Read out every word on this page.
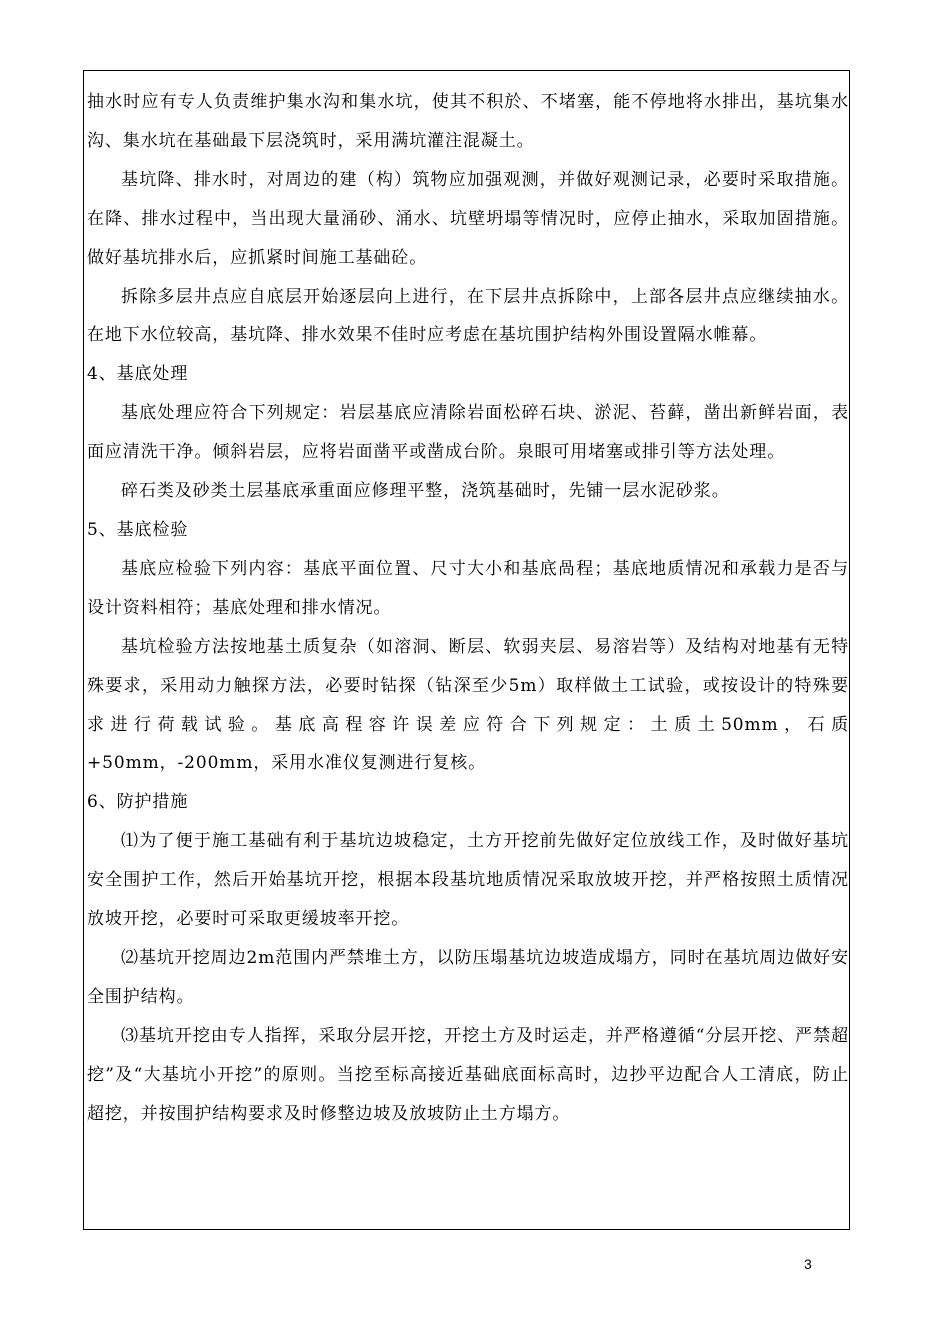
抽水时应有专人负责维护集水沟和集水坑，使其不积於、不堵塞，能不停地将水排出，基坑集水沟、集水坑在基础最下层浇筑时，采用满坑灌注混凝土。

基坑降、排水时，对周边的建（构）筑物应加强观测，并做好观测记录，必要时采取措施。在降、排水过程中，当出现大量涌砂、涌水、坑壁坍塌等情况时，应停止抽水，采取加固措施。做好基坑排水后，应抓紧时间施工基础砼。

拆除多层井点应自底层开始逐层向上进行，在下层井点拆除中，上部各层井点应继续抽水。在地下水位较高，基坑降、排水效果不佳时应考虑在基坑围护结构外围设置隔水帷幕。

4、基底处理

基底处理应符合下列规定：岩层基底应清除岩面松碎石块、淤泥、苔藓，凿出新鲜岩面，表面应清洗干净。倾斜岩层，应将岩面凿平或凿成台阶。泉眼可用堵塞或排引等方法处理。

碎石类及砂类土层基底承重面应修理平整，浇筑基础时，先铺一层水泥砂浆。

5、基底检验

基底应检验下列内容：基底平面位置、尺寸大小和基底咼程；基底地质情况和承载力是否与设计资料相符；基底处理和排水情况。

基坑检验方法按地基土质复杂（如溶洞、断层、软弱夹层、易溶岩等）及结构对地基有无特殊要求，采用动力触探方法，必要时钻探（钻深至少5m）取样做土工试验，或按设计的特殊要求进行荷载试验。基底高程容许误差应符合下列规定：土质土50mm，石质+50mm，-200mm，采用水准仪复测进行复核。

6、防护措施

⑴为了便于施工基础有利于基坑边坡稳定，土方开挖前先做好定位放线工作，及时做好基坑安全围护工作，然后开始基坑开挖，根据本段基坑地质情况采取放坡开挖，并严格按照土质情况放坡开挖，必要时可采取更缓坡率开挖。

⑵基坑开挖周边2m范围内严禁堆土方，以防压塌基坑边坡造成塌方，同时在基坑周边做好安全围护结构。

⑶基坑开挖由专人指挥，采取分层开挖，开挖土方及时运走，并严格遵循“分层开挖、严禁超挖”及“大基坑小开挖”的原则。当挖至标高接近基础底面标高时，边抄平边配合人工清底，防止超挖，并按围护结构要求及时修整边坡及放坡防止土方塌方。

3
